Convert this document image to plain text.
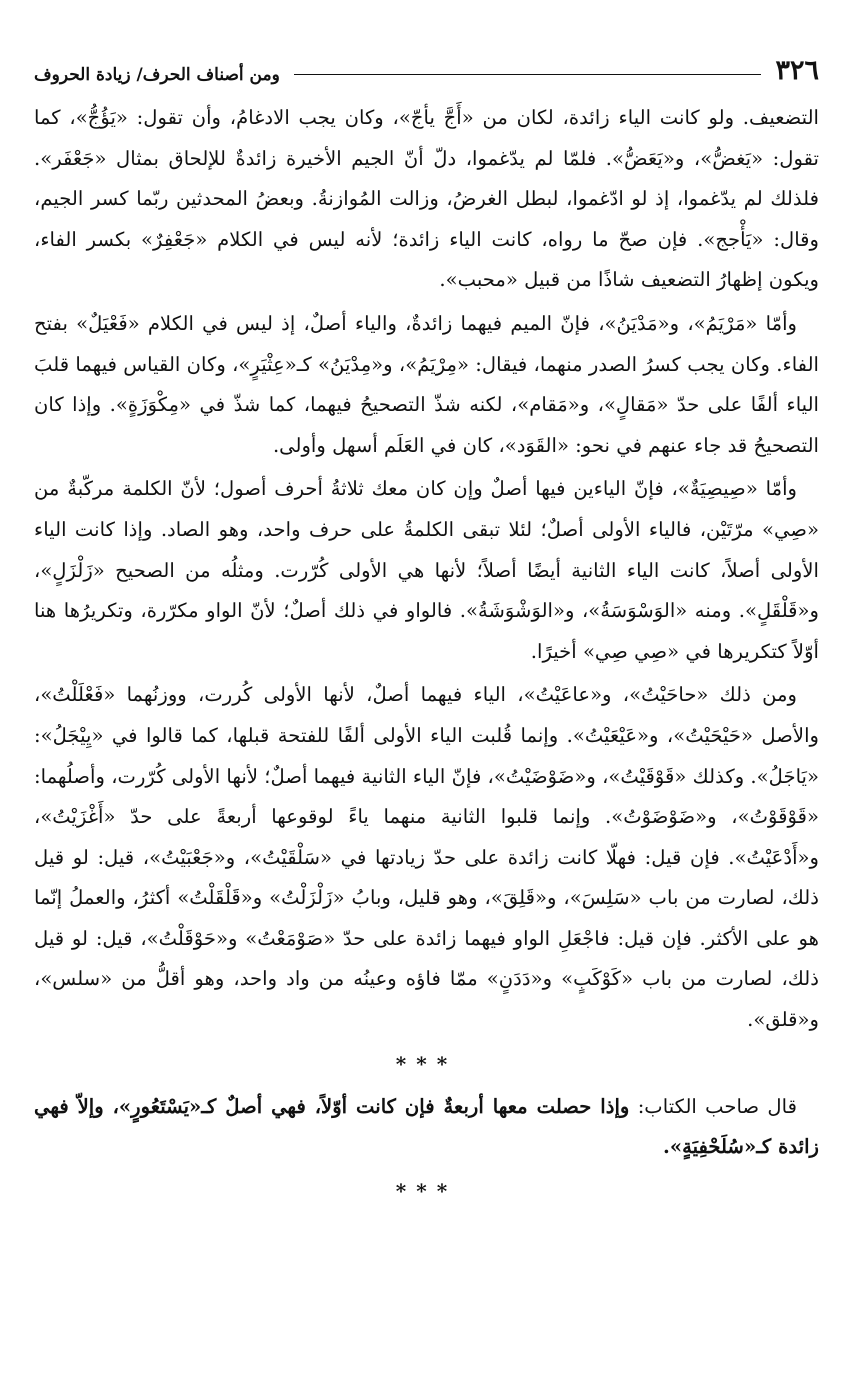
٣٢٦
ومن أصناف الحرف/ زيادة الحروف

التضعيف. ولو كانت الياء زائدة، لكان من «أَجَّ يأجّ»، وكان يجب الادغامُ، وأن تقول: «يَؤُجُّ»، كما تقول: «يَغضُّ»، و«يَعَضُّ». فلمّا لم يدّغموا، دلّ أنّ الجيم الأخيرة زائدةٌ للإلحاق بمثال «جَعْفَر». فلذلك لم يدّغموا، إذ لو ادّغموا، لبطل الغرضُ، وزالت المُوازنةُ. وبعضُ المحدثين ربّما كسر الجيم، وقال: «يَأْجج». فإن صحّ ما رواه، كانت الياء زائدة؛ لأنه ليس في الكلام «جَعْفِرٌ» بكسر الفاء، ويكون إظهارُ التضعيف شاذًا من قبيل «محبب».

وأمّا «مَرْيَمُ»، و«مَدْيَنُ»، فإنّ الميم فيهما زائدةٌ، والياء أصلٌ، إذ ليس في الكلام «فَعْيَلٌ» بفتح الفاء. وكان يجب كسرُ الصدر منهما، فيقال: «مِرْيَمُ»، و«مِدْيَنُ» كـ«عِثْيَرٍ»، وكان القياس فيهما قلبَ الياء ألفًا على حدّ «مَقالٍ»، و«مَقام»، لكنه شذّ التصحيحُ فيهما، كما شذّ في «مِكْوَزَةٍ». وإذا كان التصحيحُ قد جاء عنهم في نحو: «القَوَد»، كان في العَلَم أسهل وأولى.

وأمّا «صِيصِيَةٌ»، فإنّ الياءين فيها أصلٌ وإن كان معك ثلاثةُ أحرف أصول؛ لأنّ الكلمة مركّبةٌ من «صِي» مرّتَيْن، فالياء الأولى أصلٌ؛ لئلا تبقى الكلمةُ على حرف واحد، وهو الصاد. وإذا كانت الياء الأولى أصلاً، كانت الياء الثانية أيضًا أصلاً؛ لأنها هي الأولى كُرّرت. ومثلُه من الصحيح «زَلْزَلٍ»، و«قَلْقَلٍ». ومنه «الوَسْوَسَةُ»، و«الوَشْوَشَةُ». فالواو في ذلك أصلٌ؛ لأنّ الواو مكرّرة، وتكريرُها هنا أوّلاً كتكريرها في «صِي صِي» أخيرًا.

ومن ذلك «حاحَيْتُ»، و«عاعَيْتُ»، الياء فيهما أصلٌ، لأنها الأولى كُررت، ووزنُهما «فَعْلَلْتُ»، والأصل «حَيْحَيْتُ»، و«عَيْعَيْتُ». وإنما قُلبت الياء الأولى ألفًا للفتحة قبلها، كما قالوا في «يِيْجَلُ»: «يَاجَلُ». وكذلك «قَوْقَيْتُ»، و«ضَوْضَيْتُ»، فإنّ الياء الثانية فيهما أصلٌ؛ لأنها الأولى كُرّرت، وأصلُهما: «قَوْقَوْتُ»، و«ضَوْضَوْتُ». وإنما قلبوا الثانية منهما ياءً لوقوعها أربعةً على حدّ «أَغْزَيْتُ»، و«أَدْعَيْتُ». فإن قيل: فهلّا كانت زائدة على حدّ زيادتها في «سَلْقَيْتُ»، و«جَعْبَيْتُ»، قيل: لو قيل ذلك، لصارت من باب «سَلِسَ»، و«قَلِقَ»، وهو قليل، وبابُ «زَلْزَلْتُ» و«قَلْقَلْتُ» أكثرُ، والعملُ إنّما هو على الأكثر. فإن قيل: فاجْعَلِ الواو فيهما زائدة على حدّ «صَوْمَعْتُ» و«حَوْقَلْتُ»، قيل: لو قيل ذلك، لصارت من باب «كَوْكَبٍ» و«دَدَنٍ» ممّا فاؤه وعينُه من واد واحد، وهو أقلُّ من «سلس»، و«قلق».

***

قال صاحب الكتاب: وإذا حصلت معها أربعةٌ فإن كانت أوّلاً، فهي أصلٌ كـ«يَسْتَعُورٍ»، وإلاّ فهي زائدة كـ«سُلَحْفِيَةٍ».

***
